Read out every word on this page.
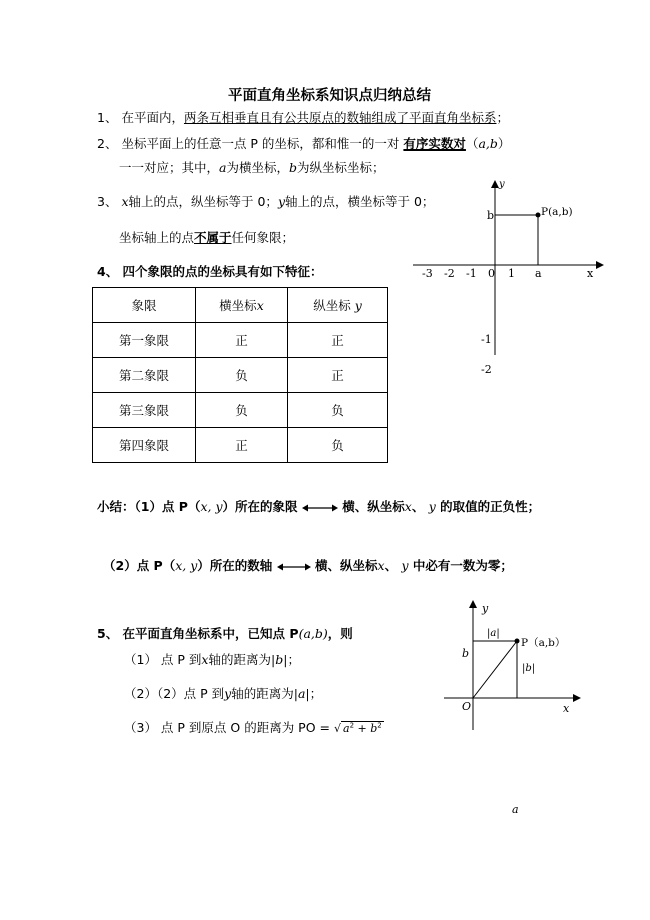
平面直角坐标系知识点归纳总结
1、 在平面内，两条互相垂直且有公共原点的数轴组成了平面直角坐标系；
2、 坐标平面上的任意一点 P 的坐标，都和惟一的一对 有序实数对（a,b）
一一对应；其中，a为横坐标，b为纵坐标坐标；
3、 x轴上的点，纵坐标等于 0；y轴上的点，横坐标等于 0；
坐标轴上的点不属于任何象限；
4、 四个象限的点的坐标具有如下特征：
象限	横坐标x	纵坐标 y
第一象限	正	正
第二象限	负	正
第三象限	负	负
第四象限	正	负
y
x
P(a,b)
b
a
-3 -2 -1 0 1
-1
-2
小结：（1）点 P（x, y）所在的象限	横、纵坐标x、 y 的取值的正负性；
（2）点 P（x, y）所在的数轴	横、纵坐标x、 y 中必有一数为零；
5、 在平面直角坐标系中，已知点 P(a,b)，则
（1） 点 P 到x轴的距离为|b|；
（2）（2）点 P 到y轴的距离为|a|；
（3） 点 P 到原点 O 的距离为 PO = √ $a^2 + b^2$
y
x
O
|a|
|b|
b
P（a,b）
a
